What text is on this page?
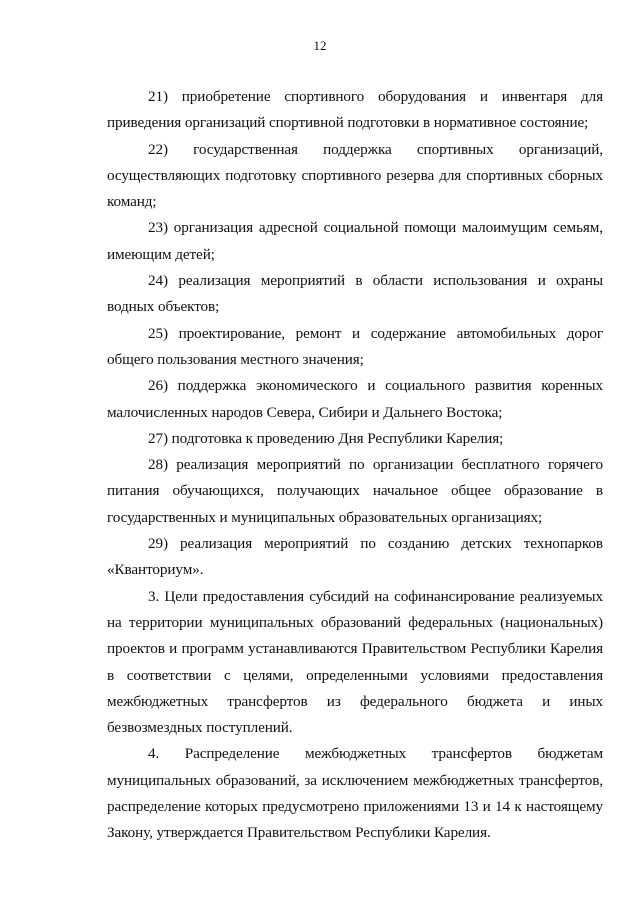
12

21) приобретение спортивного оборудования и инвентаря для приведения организаций спортивной подготовки в нормативное состояние;

22) государственная поддержка спортивных организаций, осуществляющих подготовку спортивного резерва для спортивных сборных команд;

23) организация адресной социальной помощи малоимущим семьям, имеющим детей;

24) реализация мероприятий в области использования и охраны водных объектов;

25) проектирование, ремонт и содержание автомобильных дорог общего пользования местного значения;

26) поддержка экономического и социального развития коренных малочисленных народов Севера, Сибири и Дальнего Востока;

27) подготовка к проведению Дня Республики Карелия;

28) реализация мероприятий по организации бесплатного горячего питания обучающихся, получающих начальное общее образование в государственных и муниципальных образовательных организациях;

29) реализация мероприятий по созданию детских технопарков «Кванториум».

3. Цели предоставления субсидий на софинансирование реализуемых на территории муниципальных образований федеральных (национальных) проектов и программ устанавливаются Правительством Республики Карелия в соответствии с целями, определенными условиями предоставления межбюджетных трансфертов из федерального бюджета и иных безвозмездных поступлений.

4. Распределение межбюджетных трансфертов бюджетам муниципальных образований, за исключением межбюджетных трансфертов, распределение которых предусмотрено приложениями 13 и 14 к настоящему Закону, утверждается Правительством Республики Карелия.
